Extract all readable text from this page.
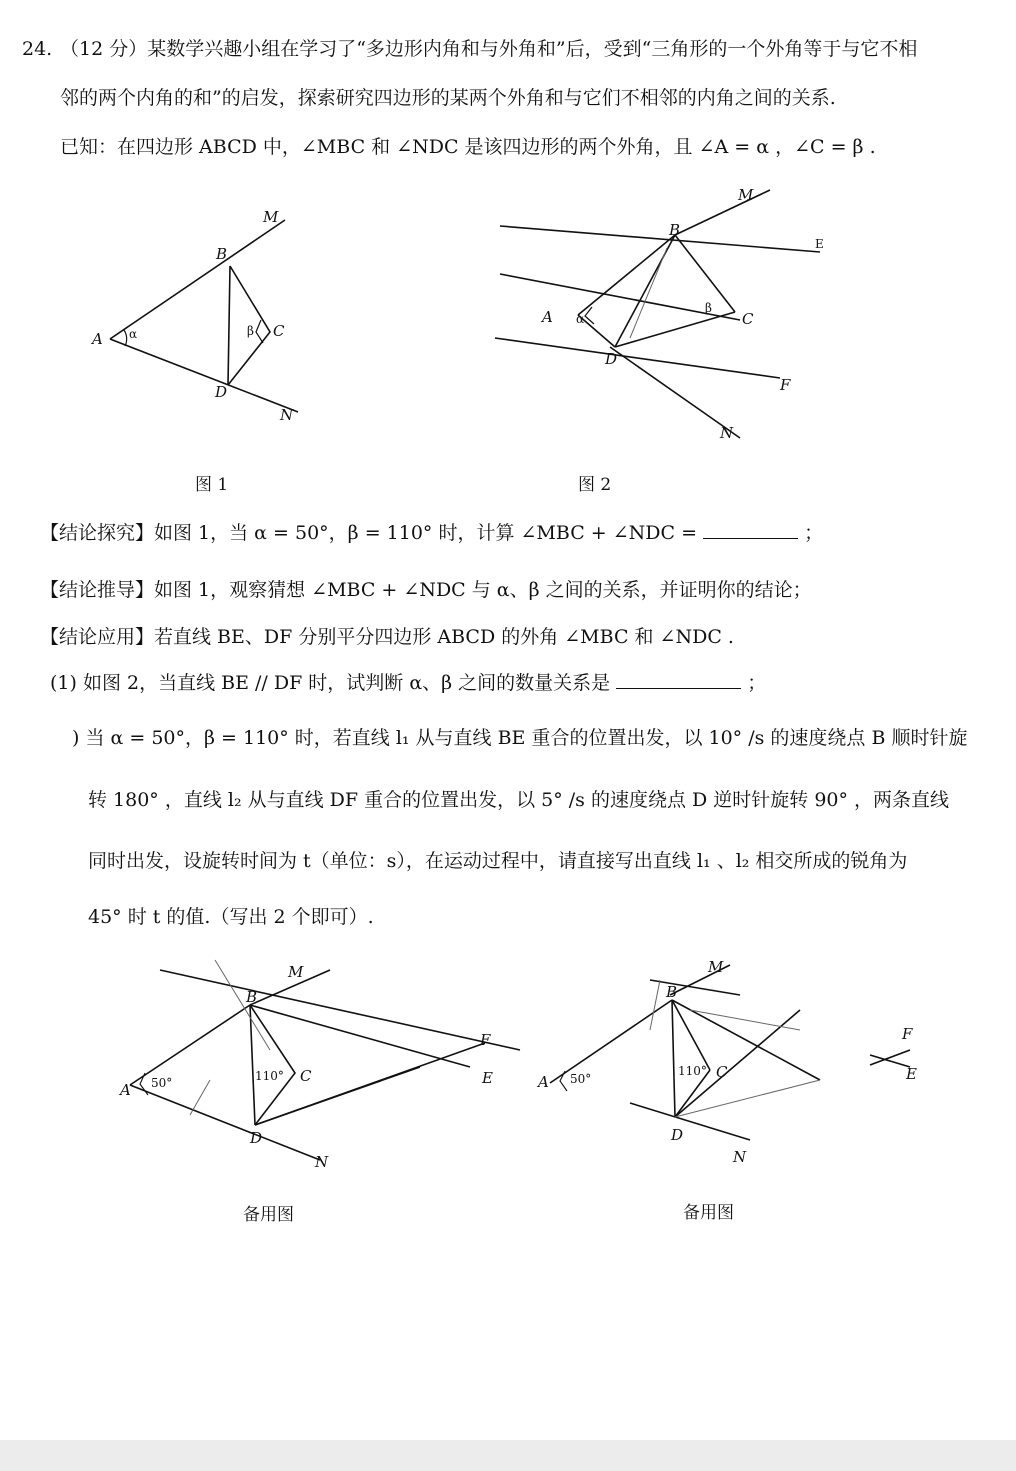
24. （12 分）某数学兴趣小组在学习了“多边形内角和与外角和”后，受到“三角形的一个外角等于与它不相
邻的两个内角的和”的启发，探索研究四边形的某两个外角和与它们不相邻的内角之间的关系.
已知：在四边形 ABCD 中，∠MBC 和 ∠NDC 是该四边形的两个外角，且 ∠A = α ，∠C = β .
A α
B
M
β C
D
N
图 1
A α
B
M
E
β
C
D
F
N
图 2
【结论探究】如图 1，当 α = 50°，β = 110° 时，计算 ∠MBC + ∠NDC =	；
【结论推导】如图 1，观察猜想 ∠MBC + ∠NDC 与 α、β 之间的关系，并证明你的结论；
【结论应用】若直线 BE、DF 分别平分四边形 ABCD 的外角 ∠MBC 和 ∠NDC .
(1) 如图 2，当直线 BE // DF 时，试判断 α、β 之间的数量关系是	；
) 当 α = 50°，β = 110° 时，若直线 l₁ 从与直线 BE 重合的位置出发，以 10° /s 的速度绕点 B 顺时针旋
转 180° ，直线 l₂ 从与直线 DF 重合的位置出发，以 5° /s 的速度绕点 D 逆时针旋转 90° ，两条直线
同时出发，设旋转时间为 t（单位：s），在运动过程中，请直接写出直线 l₁ 、l₂ 相交所成的锐角为
45° 时 t 的值.（写出 2 个即可）.
A 50°
B
M
110° C
D
N
F
E
备用图
A 50°
B
M
110° C
D
N
F
E
备用图
